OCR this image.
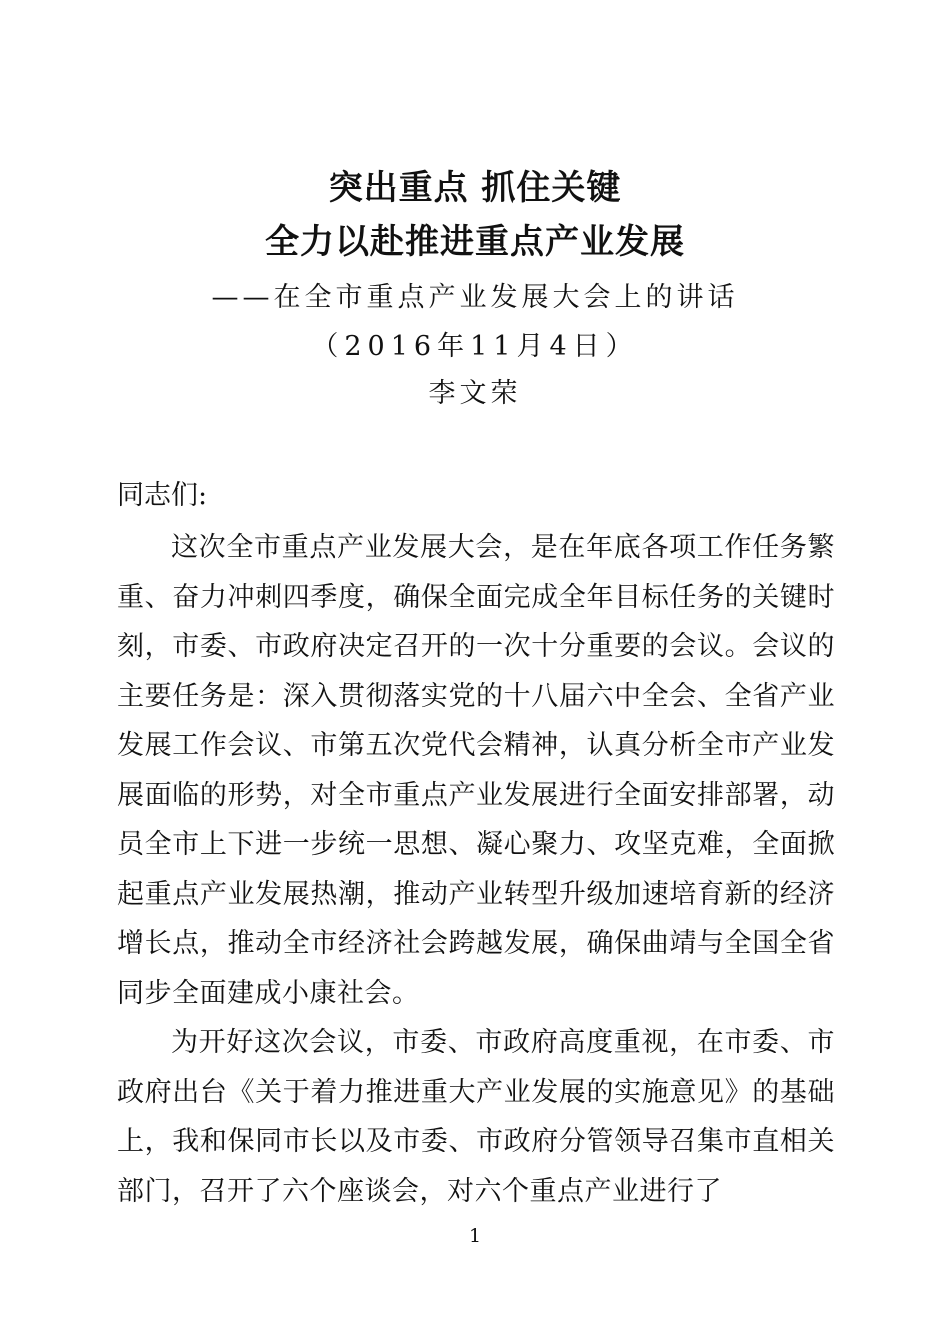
突出重点 抓住关键
全力以赴推进重点产业发展
——在全市重点产业发展大会上的讲话
（2016年11月4日）
李文荣
同志们:

这次全市重点产业发展大会，是在年底各项工作任务繁重、奋力冲刺四季度，确保全面完成全年目标任务的关键时刻，市委、市政府决定召开的一次十分重要的会议。会议的主要任务是：深入贯彻落实党的十八届六中全会、全省产业发展工作会议、市第五次党代会精神，认真分析全市产业发展面临的形势，对全市重点产业发展进行全面安排部署，动员全市上下进一步统一思想、凝心聚力、攻坚克难，全面掀起重点产业发展热潮，推动产业转型升级加速培育新的经济增长点，推动全市经济社会跨越发展，确保曲靖与全国全省同步全面建成小康社会。

为开好这次会议，市委、市政府高度重视，在市委、市政府出台《关于着力推进重大产业发展的实施意见》的基础上，我和保同市长以及市委、市政府分管领导召集市直相关部门，召开了六个座谈会，对六个重点产业进行了

1
